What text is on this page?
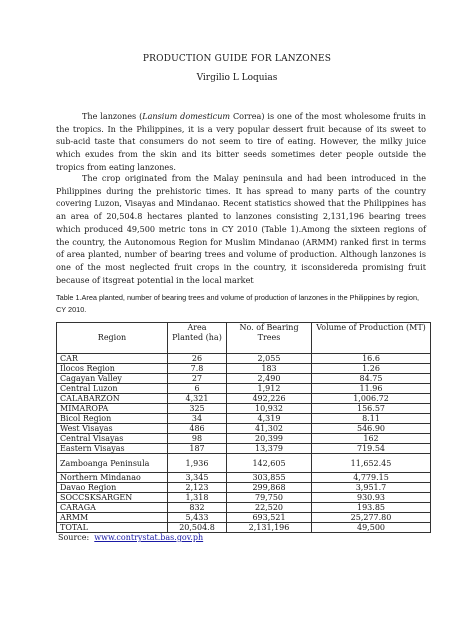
PRODUCTION GUIDE FOR LANZONES
Virgilio L Loquias

The lanzones (Lansium domesticum Correa) is one of the most wholesome fruits in the tropics. In the Philippines, it is a very popular dessert fruit because of its sweet to sub-acid taste that consumers do not seem to tire of eating. However, the milky juice which exudes from the skin and its bitter seeds sometimes deter people outside the tropics from eating lanzones.

The crop originated from the Malay peninsula and had been introduced in the Philippines during the prehistoric times. It has spread to many parts of the country covering Luzon, Visayas and Mindanao. Recent statistics showed that the Philippines has an area of 20,504.8 hectares planted to lanzones consisting 2,131,196 bearing trees which produced 49,500 metric tons in CY 2010 (Table 1).Among the sixteen regions of the country, the Autonomous Region for Muslim Mindanao (ARMM) ranked first in terms of area planted, number of bearing trees and volume of production. Although lanzones is one of the most neglected fruit crops in the country, it isconsidereda promising fruit because of itsgreat potential in the local market

Table 1.Area planted, number of bearing trees and volume of production of lanzones in the Philippines by region, CY 2010.
Region	Area Planted (ha)	No. of Bearing Trees	Volume of Production (MT)
CAR	26	2,055	16.6
Ilocos Region	7.8	183	1.26
Cagayan Valley	27	2,490	84.75
Central Luzon	6	1,912	11.96
CALABARZON	4,321	492,226	1,006.72
MIMAROPA	325	10,932	156.57
Bicol Region	34	4,319	8.11
West Visayas	486	41,302	546.90
Central Visayas	98	20,399	162
Eastern Visayas	187	13,379	719.54
Zamboanga Peninsula	1,936	142,605	11,652.45
Northern Mindanao	3,345	303,855	4,779.15
Davao Region	2,123	299,868	3,951.7
SOCCSKSARGEN	1,318	79,750	930.93
CARAGA	832	22,520	193.85
ARMM	5,433	693,521	25,277.80
TOTAL	20,504.8	2,131,196	49,500
Source: www.contrystat.bas.gov.ph
